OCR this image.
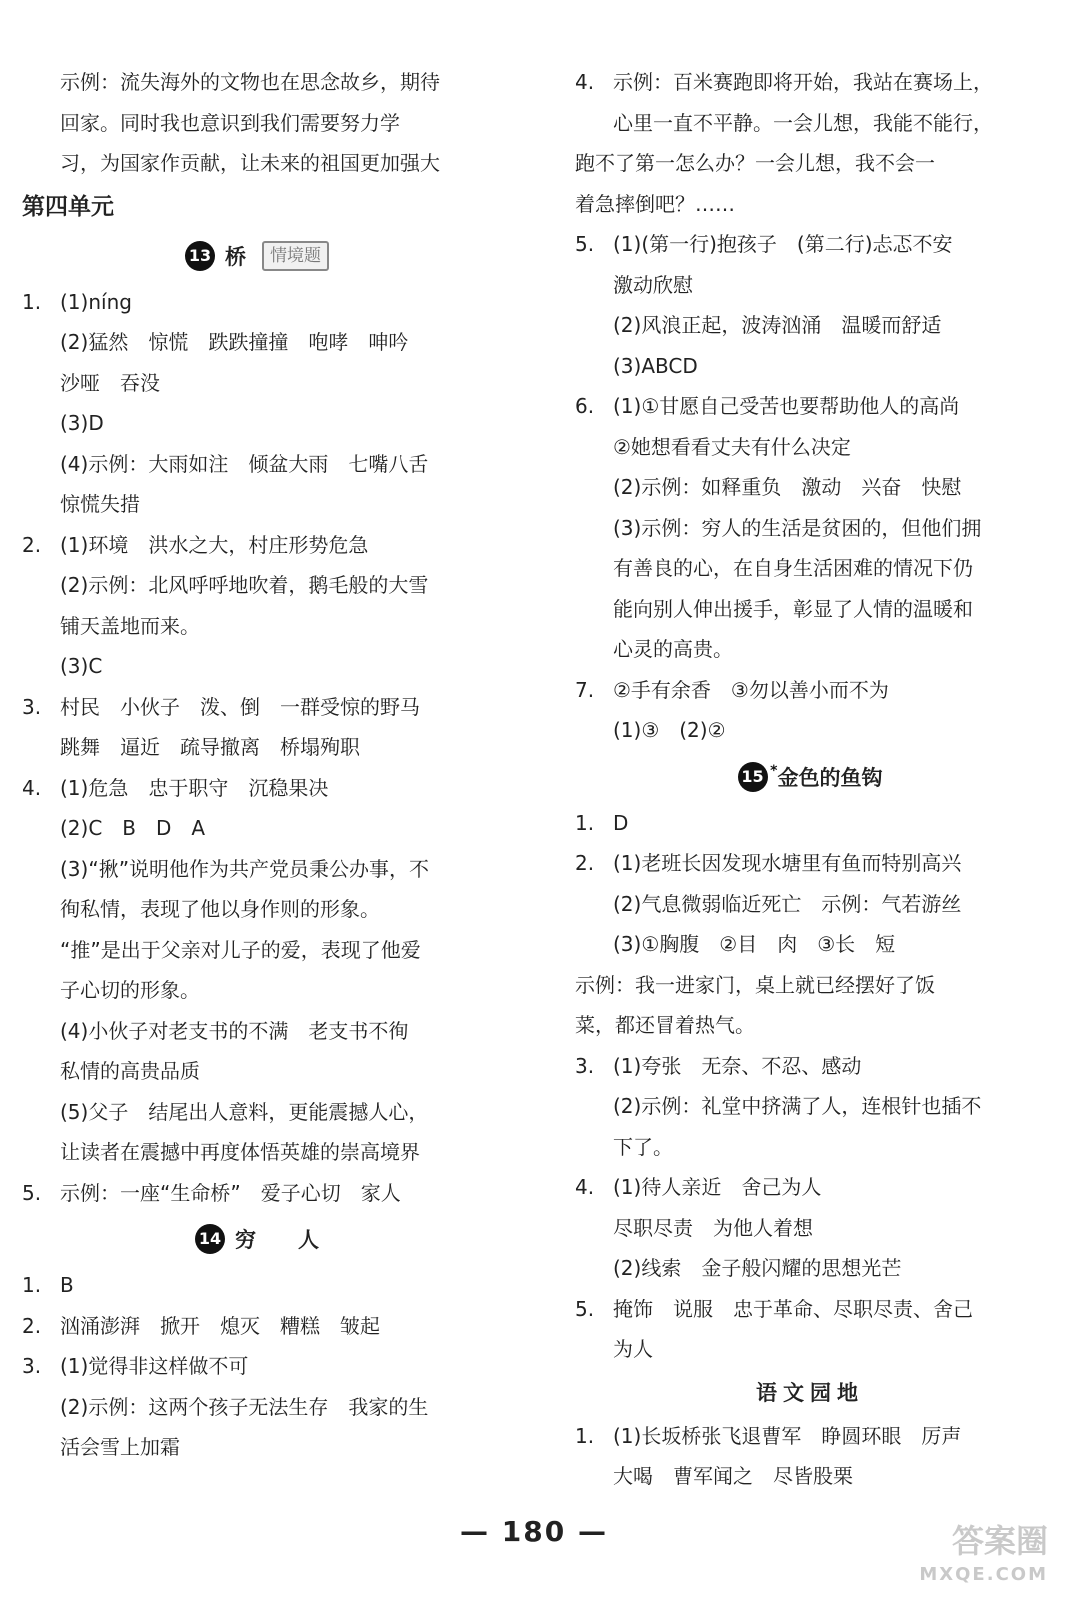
示例：流失海外的文物也在思念故乡，期待
回家。同时我也意识到我们需要努力学
习，为国家作贡献，让未来的祖国更加强大
第四单元
13 桥	情境题
1. (1)níng
(2)猛然　惊慌　跌跌撞撞　咆哮　呻吟
沙哑　吞没
(3)D
(4)示例：大雨如注　倾盆大雨　七嘴八舌
惊慌失措
2. (1)环境　洪水之大，村庄形势危急
(2)示例：北风呼呼地吹着，鹅毛般的大雪
铺天盖地而来。
(3)C
3. 村民　小伙子　泼、倒　一群受惊的野马
跳舞　逼近　疏导撤离　桥塌殉职
4. (1)危急　忠于职守　沉稳果决
(2)C　B　D　A
(3)“揪”说明他作为共产党员秉公办事，不
徇私情，表现了他以身作则的形象。
“推”是出于父亲对儿子的爱，表现了他爱
子心切的形象。
(4)小伙子对老支书的不满　老支书不徇
私情的高贵品质
(5)父子　结尾出人意料，更能震撼人心，
让读者在震撼中再度体悟英雄的崇高境界
5. 示例：一座“生命桥”　爱子心切　家人
14 穷　　人
1. B
2. 汹涌澎湃　掀开　熄灭　糟糕　皱起
3. (1)觉得非这样做不可
(2)示例：这两个孩子无法生存　我家的生
活会雪上加霜
4. 示例：百米赛跑即将开始，我站在赛场上，
心里一直不平静。一会儿想，我能不能行，
跑不了第一怎么办？一会儿想，我不会一
着急摔倒吧？……
5. (1)(第一行)抱孩子　(第二行)忐忑不安
激动欣慰
(2)风浪正起，波涛汹涌　温暖而舒适
(3)ABCD
6. (1)①甘愿自己受苦也要帮助他人的高尚
②她想看看丈夫有什么决定
(2)示例：如释重负　激动　兴奋　快慰
(3)示例：穷人的生活是贫困的，但他们拥
有善良的心，在自身生活困难的情况下仍
能向别人伸出援手，彰显了人情的温暖和
心灵的高贵。
7. ②手有余香　③勿以善小而不为
(1)③　(2)②
15 * 金色的鱼钩
1. D
2. (1)老班长因发现水塘里有鱼而特别高兴
(2)气息微弱临近死亡　示例：气若游丝
(3)①胸腹　②目　肉　③长　短
示例：我一进家门，桌上就已经摆好了饭
菜，都还冒着热气。
3. (1)夸张　无奈、不忍、感动
(2)示例：礼堂中挤满了人，连根针也插不
下了。
4. (1)待人亲近　舍己为人
尽职尽责　为他人着想
(2)线索　金子般闪耀的思想光芒
5. 掩饰　说服　忠于革命、尽职尽责、舍己
为人
语文园地
1. (1)长坂桥张飞退曹军　睁圆环眼　厉声
大喝　曹军闻之　尽皆股栗
— 180 —	答案圈
MXQE.COM
